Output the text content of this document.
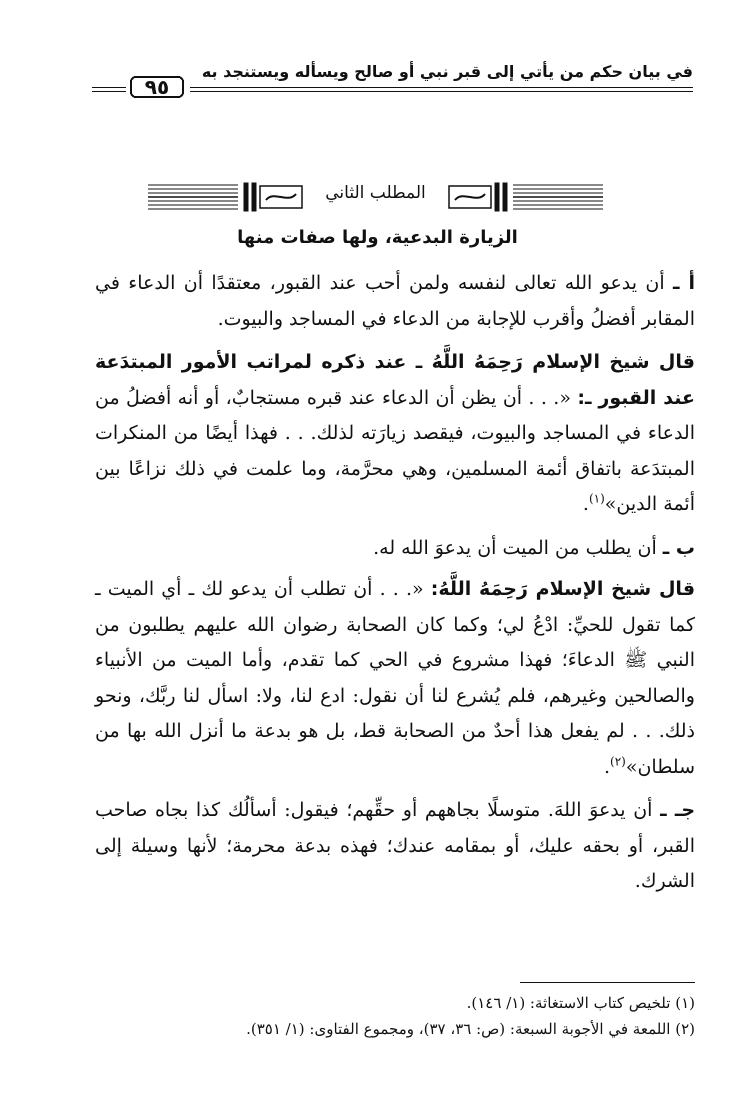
في بيان حكم من يأتي إلى قبر نبي أو صالح ويسأله ويستنجد به
٩٥
المطلب الثاني
الزيارة البدعية، ولها صفات منها

أ ـ أن يدعو الله تعالى لنفسه ولمن أحب عند القبور، معتقدًا أن الدعاء في المقابر أفضلُ وأقرب للإجابة من الدعاء في المساجد والبيوت.

قال شيخ الإسلام رَحِمَهُ اللَّهُ ـ عند ذكره لمراتب الأمور المبتدَعة عند القبور ـ: «. . . أن يظن أن الدعاء عند قبره مستجابٌ، أو أنه أفضلُ من الدعاء في المساجد والبيوت، فيقصد زيارَته لذلك. . . فهذا أيضًا من المنكرات المبتدَعة باتفاق أئمة المسلمين، وهي محرَّمة، وما علمت في ذلك نزاعًا بين أئمة الدين»$^{(١)}$.

ب ـ أن يطلب من الميت أن يدعوَ الله له.

قال شيخ الإسلام رَحِمَهُ اللَّهُ: «. . . أن تطلب أن يدعو لك ـ أي الميت ـ كما تقول للحيِّ: ادْعُ لي؛ وكما كان الصحابة رضوان الله عليهم يطلبون من النبي ﷺ الدعاءَ؛ فهذا مشروع في الحي كما تقدم، وأما الميت من الأنبياء والصالحين وغيرهم، فلم يُشرع لنا أن نقول: ادع لنا، ولا: اسأل لنا ربَّك، ونحو ذلك. . . لم يفعل هذا أحدٌ من الصحابة قط، بل هو بدعة ما أنزل الله بها من سلطان»$^{(٢)}$.

جـ ـ أن يدعوَ اللهَ. متوسلًا بجاههم أو حقِّهم؛ فيقول: أسألُك كذا بجاه صاحب القبر، أو بحقه عليك، أو بمقامه عندك؛ فهذه بدعة محرمة؛ لأنها وسيلة إلى الشرك.

(١) تلخيص كتاب الاستغاثة: (١/ ١٤٦).

(٢) اللمعة في الأجوبة السبعة: (ص: ٣٦، ٣٧)، ومجموع الفتاوى: (١/ ٣٥١).
